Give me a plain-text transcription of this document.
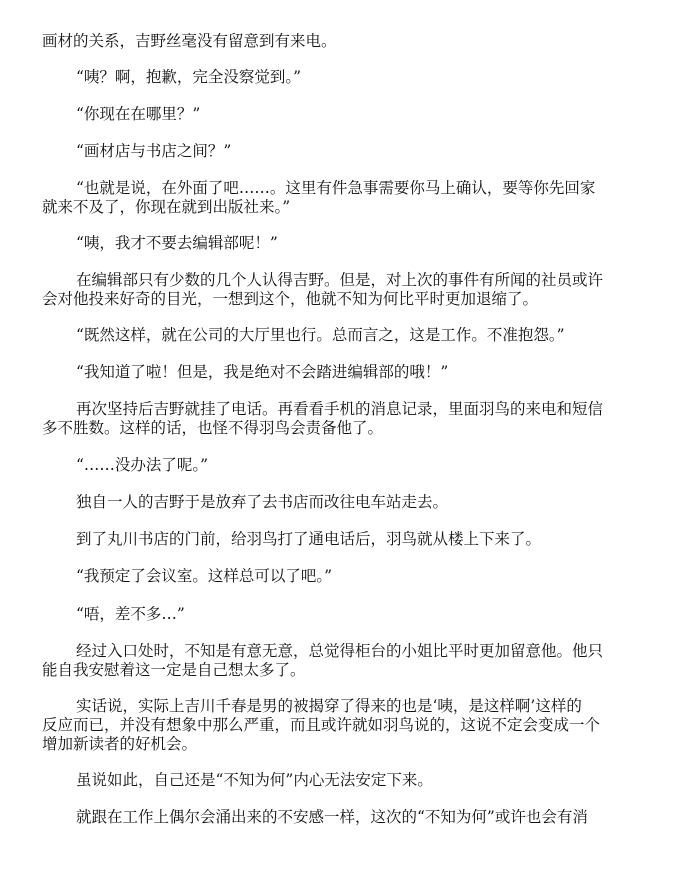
画材的关系，吉野丝毫没有留意到有来电。

“咦？啊，抱歉，完全没察觉到。”

“你现在在哪里？”

“画材店与书店之间？”

“也就是说，在外面了吧……。这里有件急事需要你马上确认，要等你先回家
就来不及了，你现在就到出版社来。”

“咦，我才不要去编辑部呢！”

在编辑部只有少数的几个人认得吉野。但是，对上次的事件有所闻的社员或许
会对他投来好奇的目光，一想到这个，他就不知为何比平时更加退缩了。

“既然这样，就在公司的大厅里也行。总而言之，这是工作。不准抱怨。”

“我知道了啦！但是，我是绝对不会踏进编辑部的哦！”

再次坚持后吉野就挂了电话。再看看手机的消息记录，里面羽鸟的来电和短信
多不胜数。这样的话，也怪不得羽鸟会责备他了。

“……没办法了呢。”

独自一人的吉野于是放弃了去书店而改往电车站走去。

到了丸川书店的门前，给羽鸟打了通电话后，羽鸟就从楼上下来了。

“我预定了会议室。这样总可以了吧。”

“唔，差不多…”

经过入口处时，不知是有意无意，总觉得柜台的小姐比平时更加留意他。他只
能自我安慰着这一定是自己想太多了。

实话说，实际上吉川千春是男的被揭穿了得来的也是‘咦，是这样啊’这样的
反应而已，并没有想象中那么严重，而且或许就如羽鸟说的，这说不定会变成一个
增加新读者的好机会。

虽说如此，自己还是“不知为何”内心无法安定下来。

就跟在工作上偶尔会涌出来的不安感一样，这次的“不知为何”或许也会有消
